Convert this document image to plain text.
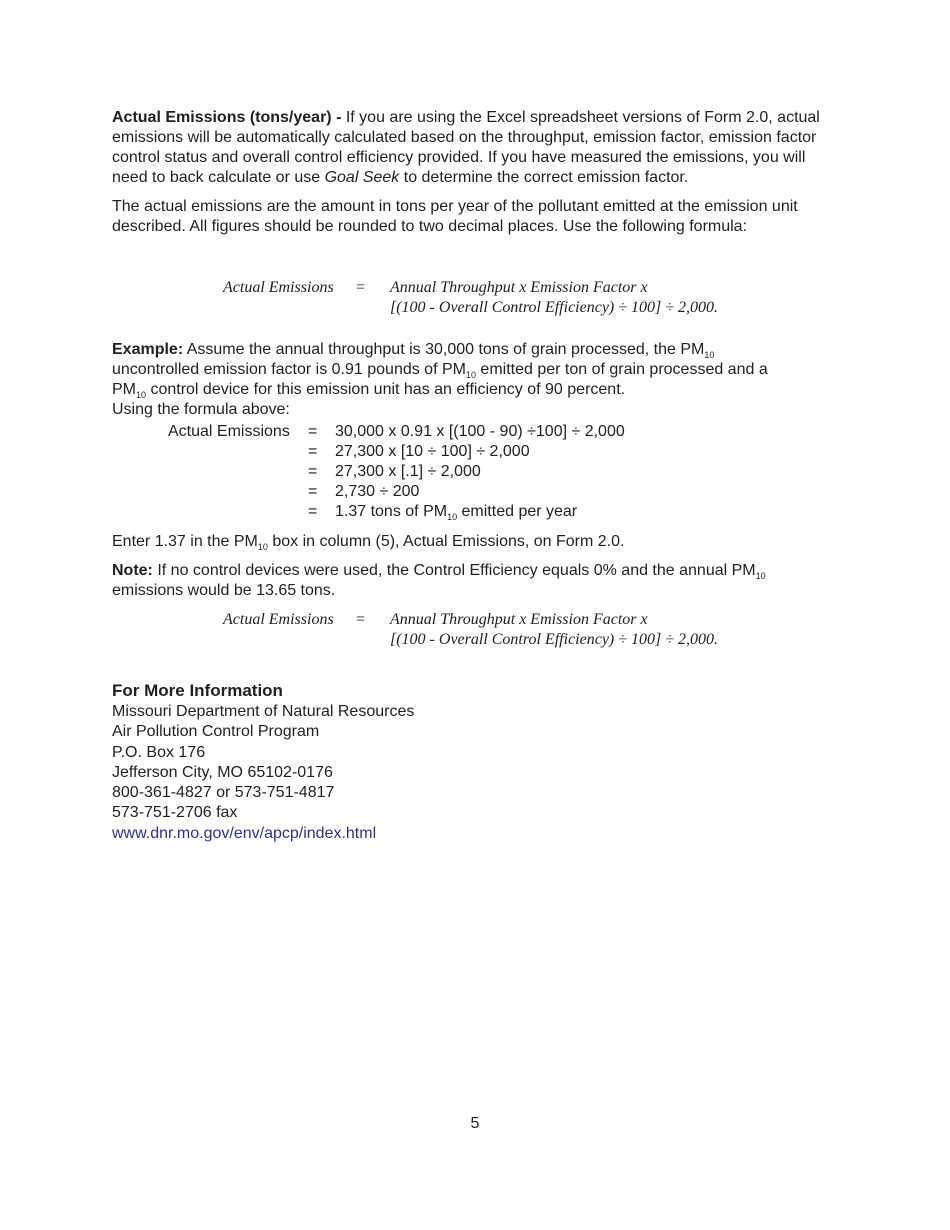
Actual Emissions (tons/year) - If you are using the Excel spreadsheet versions of Form 2.0, actual emissions will be automatically calculated based on the throughput, emission factor, emission factor control status and overall control efficiency provided. If you have measured the emissions, you will need to back calculate or use Goal Seek to determine the correct emission factor.

The actual emissions are the amount in tons per year of the pollutant emitted at the emission unit described. All figures should be rounded to two decimal places. Use the following formula:

Actual Emissions = Annual Throughput x Emission Factor x
[(100 - Overall Control Efficiency) ÷ 100] ÷ 2,000.

Example: Assume the annual throughput is 30,000 tons of grain processed, the $PM_{10}$
uncontrolled emission factor is 0.91 pounds of $PM_{10}$ emitted per ton of grain processed and a
$PM_{10}$ control device for this emission unit has an efficiency of 90 percent.
Using the formula above:

Actual Emissions = 30,000 x 0.91 x [(100 - 90) ÷100] ÷ 2,000
= 27,300 x [10 ÷ 100] ÷ 2,000
= 27,300 x [.1] ÷ 2,000
= 2,730 ÷ 200
= 1.37 tons of $PM_{10}$ emitted per year

Enter 1.37 in the $PM_{10}$ box in column (5), Actual Emissions, on Form 2.0.

Note: If no control devices were used, the Control Efficiency equals 0% and the annual $PM_{10}$
emissions would be 13.65 tons.

Actual Emissions = Annual Throughput x Emission Factor x
[(100 - Overall Control Efficiency) ÷ 100] ÷ 2,000.
For More Information
Missouri Department of Natural Resources
Air Pollution Control Program
P.O. Box 176
Jefferson City, MO 65102-0176
800-361-4827 or 573-751-4817
573-751-2706 fax
www.dnr.mo.gov/env/apcp/index.html
5
